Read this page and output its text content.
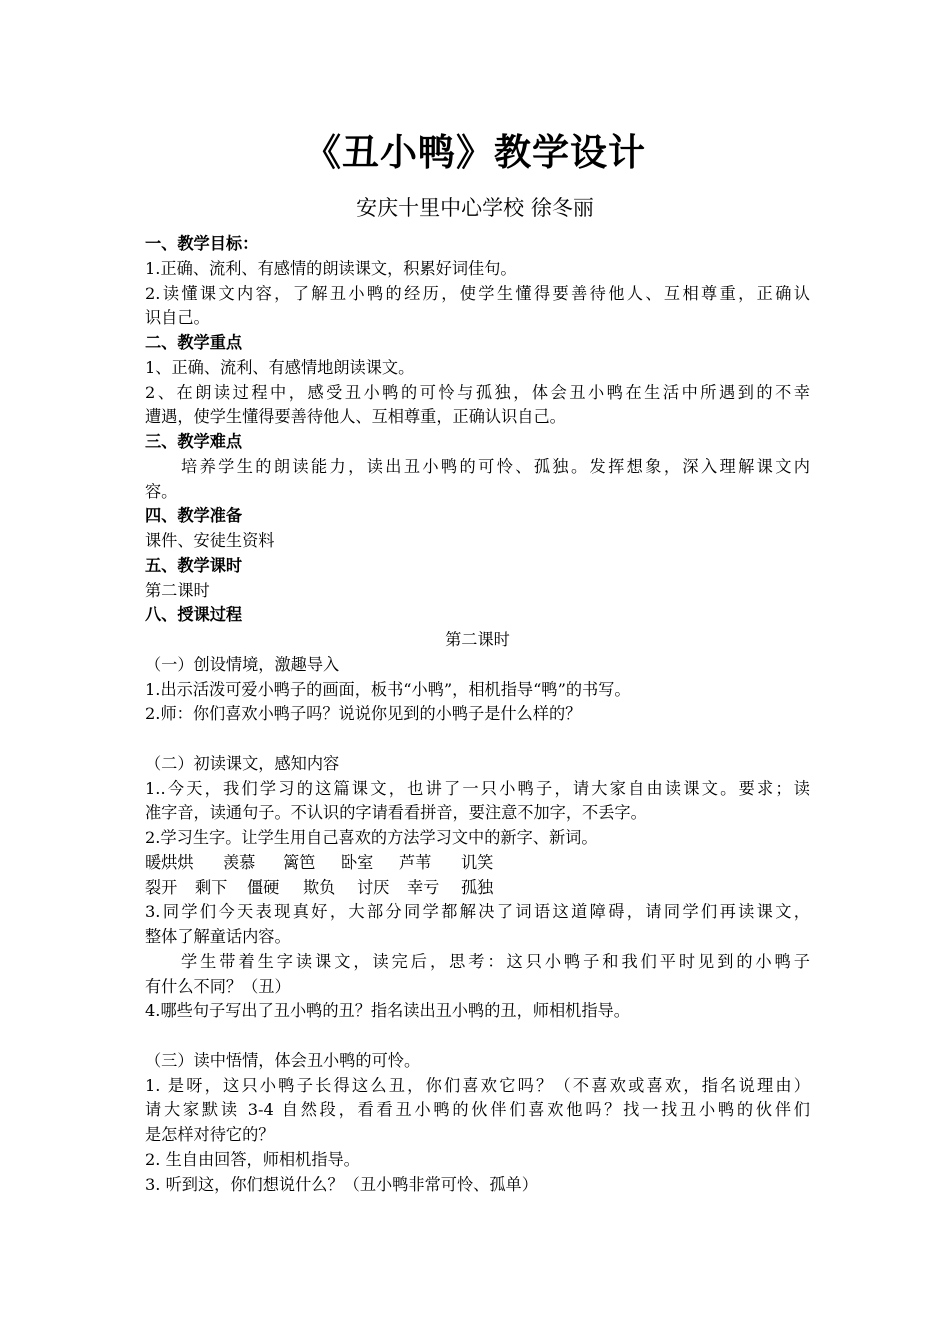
《丑小鸭》教学设计
安庆十里中心学校 徐冬丽
一、教学目标：
1.正确、流利、有感情的朗读课文，积累好词佳句。
2.读懂课文内容，了解丑小鸭的经历，使学生懂得要善待他人、互相尊重，正确认
识自己。
二、教学重点
1、正确、流利、有感情地朗读课文。
2、在朗读过程中，感受丑小鸭的可怜与孤独，体会丑小鸭在生活中所遇到的不幸
遭遇，使学生懂得要善待他人、互相尊重，正确认识自己。
三、教学难点
培养学生的朗读能力，读出丑小鸭的可怜、孤独。发挥想象，深入理解课文内
容。
四、教学准备
课件、安徒生资料
五、教学课时
第二课时
八、授课过程
第二课时
（一）创设情境，激趣导入
1.出示活泼可爱小鸭子的画面，板书“小鸭”，相机指导“鸭”的书写。
2.师：你们喜欢小鸭子吗？说说你见到的小鸭子是什么样的？
（二）初读课文，感知内容
1..今天，我们学习的这篇课文，也讲了一只小鸭子，请大家自由读课文。要求；读
准字音，读通句子。不认识的字请看看拼音，要注意不加字，不丢字。
2.学习生字。让学生用自己喜欢的方法学习文中的新字、新词。
暖烘烘 羡慕 篱笆 卧室 芦苇 讥笑
裂开 剩下 僵硬 欺负 讨厌 幸亏 孤独
3.同学们今天表现真好，大部分同学都解决了词语这道障碍，请同学们再读课文，
整体了解童话内容。
学生带着生字读课文，读完后，思考：这只小鸭子和我们平时见到的小鸭子
有什么不同？（丑）
4.哪些句子写出了丑小鸭的丑？指名读出丑小鸭的丑，师相机指导。
（三）读中悟情，体会丑小鸭的可怜。
1. 是呀，这只小鸭子长得这么丑，你们喜欢它吗？（不喜欢或喜欢，指名说理由）
请大家默读 3-4 自然段，看看丑小鸭的伙伴们喜欢他吗？找一找丑小鸭的伙伴们
是怎样对待它的？
2. 生自由回答，师相机指导。
3. 听到这，你们想说什么？（丑小鸭非常可怜、孤单）
